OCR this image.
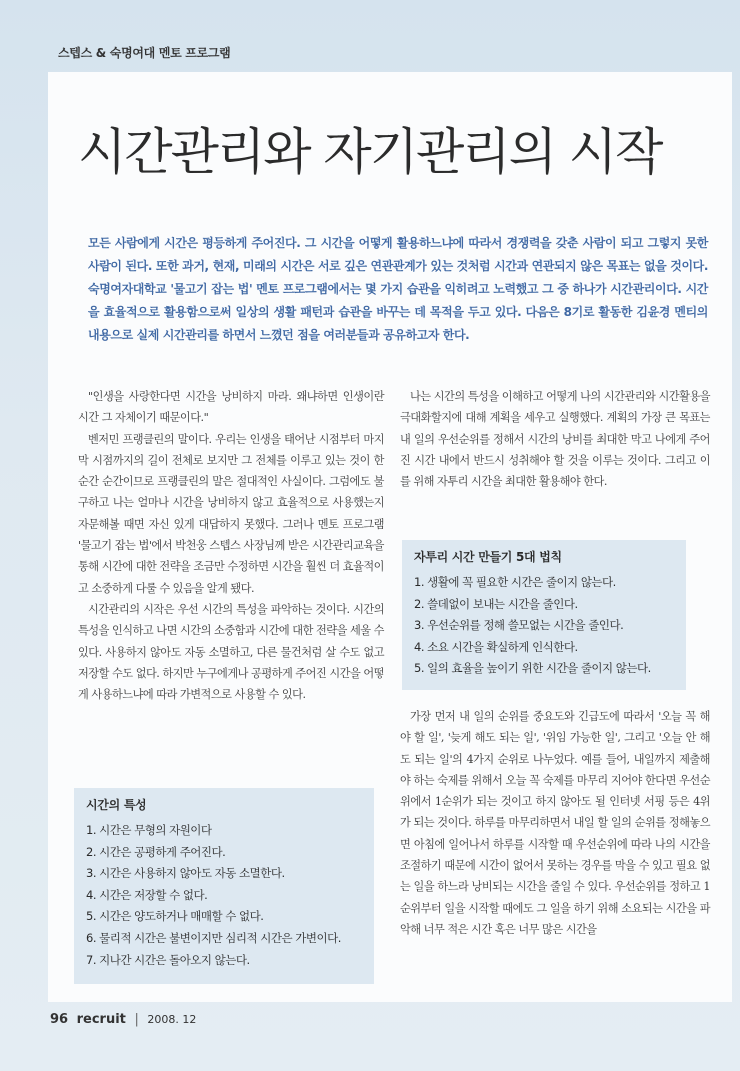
스텝스 & 숙명여대 멘토 프로그램
시간관리와 자기관리의 시작
모든 사람에게 시간은 평등하게 주어진다. 그 시간을 어떻게 활용하느냐에 따라서 경쟁력을 갖춘 사람이 되고 그렇지 못한 사람이 된다. 또한 과거, 현재, 미래의 시간은 서로 깊은 연관관계가 있는 것처럼 시간과 연관되지 않은 목표는 없을 것이다. 숙명여자대학교 '물고기 잡는 법' 멘토 프로그램에서는 몇 가지 습관을 익히려고 노력했고 그 중 하나가 시간관리이다. 시간을 효율적으로 활용함으로써 일상의 생활 패턴과 습관을 바꾸는 데 목적을 두고 있다. 다음은 8기로 활동한 김윤경 멘티의 내용으로 실제 시간관리를 하면서 느꼈던 점을 여러분들과 공유하고자 한다.

"인생을 사랑한다면 시간을 낭비하지 마라. 왜냐하면 인생이란 시간 그 자체이기 때문이다."

벤저민 프랭클린의 말이다. 우리는 인생을 태어난 시점부터 마지막 시점까지의 길이 전체로 보지만 그 전체를 이루고 있는 것이 한 순간 순간이므로 프랭클린의 말은 절대적인 사실이다. 그럼에도 불구하고 나는 얼마나 시간을 낭비하지 않고 효율적으로 사용했는지 자문해볼 때면 자신 있게 대답하지 못했다. 그러나 멘토 프로그램 '물고기 잡는 법'에서 박천웅 스텝스 사장님께 받은 시간관리교육을 통해 시간에 대한 전략을 조금만 수정하면 시간을 훨씬 더 효율적이고 소중하게 다룰 수 있음을 알게 됐다.

시간관리의 시작은 우선 시간의 특성을 파악하는 것이다. 시간의 특성을 인식하고 나면 시간의 소중함과 시간에 대한 전략을 세울 수 있다. 사용하지 않아도 자동 소멸하고, 다른 물건처럼 살 수도 없고 저장할 수도 없다. 하지만 누구에게나 공평하게 주어진 시간을 어떻게 사용하느냐에 따라 가변적으로 사용할 수 있다.

시간의 특성
1. 시간은 무형의 자원이다
2. 시간은 공평하게 주어진다.
3. 시간은 사용하지 않아도 자동 소멸한다.
4. 시간은 저장할 수 없다.
5. 시간은 양도하거나 매매할 수 없다.
6. 물리적 시간은 불변이지만 심리적 시간은 가변이다.
7. 지나간 시간은 돌아오지 않는다.

나는 시간의 특성을 이해하고 어떻게 나의 시간관리와 시간활용을 극대화할지에 대해 계획을 세우고 실행했다. 계획의 가장 큰 목표는 내 일의 우선순위를 정해서 시간의 낭비를 최대한 막고 나에게 주어진 시간 내에서 반드시 성취해야 할 것을 이루는 것이다. 그리고 이를 위해 자투리 시간을 최대한 활용해야 한다.

자투리 시간 만들기 5대 법칙
1. 생활에 꼭 필요한 시간은 줄이지 않는다.
2. 쓸데없이 보내는 시간을 줄인다.
3. 우선순위를 정해 쓸모없는 시간을 줄인다.
4. 소요 시간을 확실하게 인식한다.
5. 일의 효율을 높이기 위한 시간을 줄이지 않는다.

가장 먼저 내 일의 순위를 중요도와 긴급도에 따라서 '오늘 꼭 해야 할 일', '늦게 해도 되는 일', '위임 가능한 일', 그리고 '오늘 안 해도 되는 일'의 4가지 순위로 나누었다. 예를 들어, 내일까지 제출해야 하는 숙제를 위해서 오늘 꼭 숙제를 마무리 지어야 한다면 우선순위에서 1순위가 되는 것이고 하지 않아도 될 인터넷 서핑 등은 4위가 되는 것이다. 하루를 마무리하면서 내일 할 일의 순위를 정해놓으면 아침에 일어나서 하루를 시작할 때 우선순위에 따라 나의 시간을 조절하기 때문에 시간이 없어서 못하는 경우를 막을 수 있고 필요 없는 일을 하느라 낭비되는 시간을 줄일 수 있다. 우선순위를 정하고 1순위부터 일을 시작할 때에도 그 일을 하기 위해 소요되는 시간을 파악해 너무 적은 시간 혹은 너무 많은 시간을

96 recruit | 2008. 12
